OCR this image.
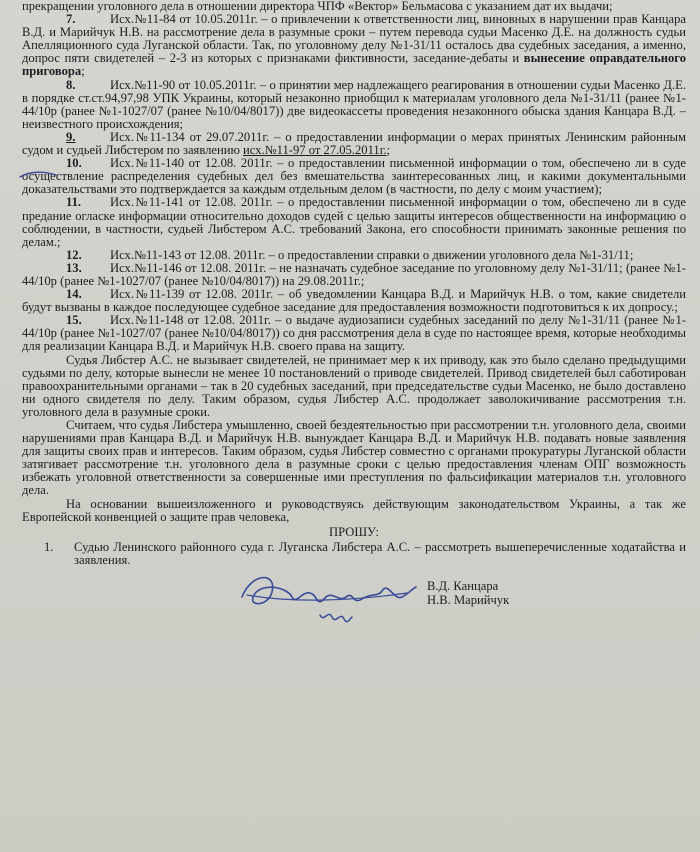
прекращении уголовного дела в отношении директора ЧПФ «Вектор» Бельмасова с указанием дат их выдачи;

7.	Исх.№11-84 от 10.05.2011г. – о привлечении к ответственности лиц, виновных в нарушении прав Канцара В.Д. и Марийчук Н.В. на рассмотрение дела в разумные сроки – путем перевода судьи Масенко Д.Е. на должность судьи Апелляционного суда Луганской области. Так, по уголовному делу №1-31/11 осталось два судебных заседания, а именно, допрос пяти свидетелей – 2-3 из которых с признаками фиктивности, заседание-дебаты и вынесение оправдательного приговора;

8.	Исх.№11-90 от 10.05.2011г. – о принятии мер надлежащего реагирования в отношении судьи Масенко Д.Е. в порядке ст.ст.94,97,98 УПК Украины, который незаконно приобщил к материалам уголовного дела №1-31/11 (ранее №1-44/10р (ранее №1-1027/07 (ранее №10/04/8017)) две видеокассеты проведения незаконного обыска здания Канцара В.Д. – неизвестного происхождения;

9.	Исх.№11-134 от 29.07.2011г. – о предоставлении информации о мерах принятых Ленинским районным судом и судьей Либстером по заявлению исх.№11-97 от 27.05.2011г.;

10. Исх.№11-140 от 12.08. 2011г. – о предоставлении письменной информации о том, обеспечено ли в суде осуществление распределения судебных дел без вмешательства заинтересованных лиц, и какими документальными доказательствами это подтверждается за каждым отдельным делом (в частности, по делу с моим участием);

11. Исх.№11-141 от 12.08. 2011г. – о предоставлении письменной информации о том, обеспечено ли в суде предание огласке информации относительно доходов судей с целью защиты интересов общественности на информацию о соблюдении, в частности, судьей Либстером А.С. требований Закона, его способности принимать законные решения по делам.;

12. Исх.№11-143 от 12.08. 2011г. – о предоставлении справки о движении уголовного дела №1-31/11;

13. Исх.№11-146 от 12.08. 2011г. – не назначать судебное заседание по уголовному делу №1-31/11; (ранее №1-44/10р (ранее №1-1027/07 (ранее №10/04/8017)) на 29.08.2011г.;

14. Исх.№11-139 от 12.08. 2011г. – об уведомлении Канцара В.Д. и Марийчук Н.В. о том, какие свидетели будут вызваны в каждое последующее судебное заседание для предоставления возможности подготовиться к их допросу.;

15. Исх.№11-148 от 12.08. 2011г. – о выдаче аудиозаписи судебных заседаний по делу №1-31/11 (ранее №1-44/10р (ранее №1-1027/07 (ранее №10/04/8017)) со дня рассмотрения дела в суде по настоящее время, которые необходимы для реализации Канцара В.Д. и Марийчук Н.В. своего права на защиту.

Судья Либстер А.С. не вызывает свидетелей, не принимает мер к их приводу, как это было сделано предыдущими судьями по делу, которые вынесли не менее 10 постановлений о приводе свидетелей. Привод свидетелей был саботирован правоохранительными органами – так в 20 судебных заседаний, при председательстве судьи Масенко, не было доставлено ни одного свидетеля по делу. Таким образом, судья Либстер А.С. продолжает заволокичивание рассмотрения т.н. уголовного дела в разумные сроки.

Считаем, что судья Либстера умышленно, своей бездеятельностью при рассмотрении т.н. уголовного дела, своими нарушениями прав Канцара В.Д. и Марийчук Н.В. вынуждает Канцара В.Д. и Марийчук Н.В. подавать новые заявления для защиты своих прав и интересов. Таким образом, судья Либстер совместно с органами прокуратуры Луганской области затягивает рассмотрение т.н. уголовного дела в разумные сроки с целью предоставления членам ОПГ возможность избежать уголовной ответственности за совершенные ими преступления по фальсификации материалов т.н. уголовного дела.

На основании вышеизложенного и руководствуясь действующим законодательством Украины, а так же Европейской конвенцией о защите прав человека,

ПРОШУ:

1.	Судью Ленинского районного суда г. Луганска Либстера А.С. – рассмотреть вышеперечисленные ходатайства и заявления.
В.Д. Канцара
Н.В. Марийчук
